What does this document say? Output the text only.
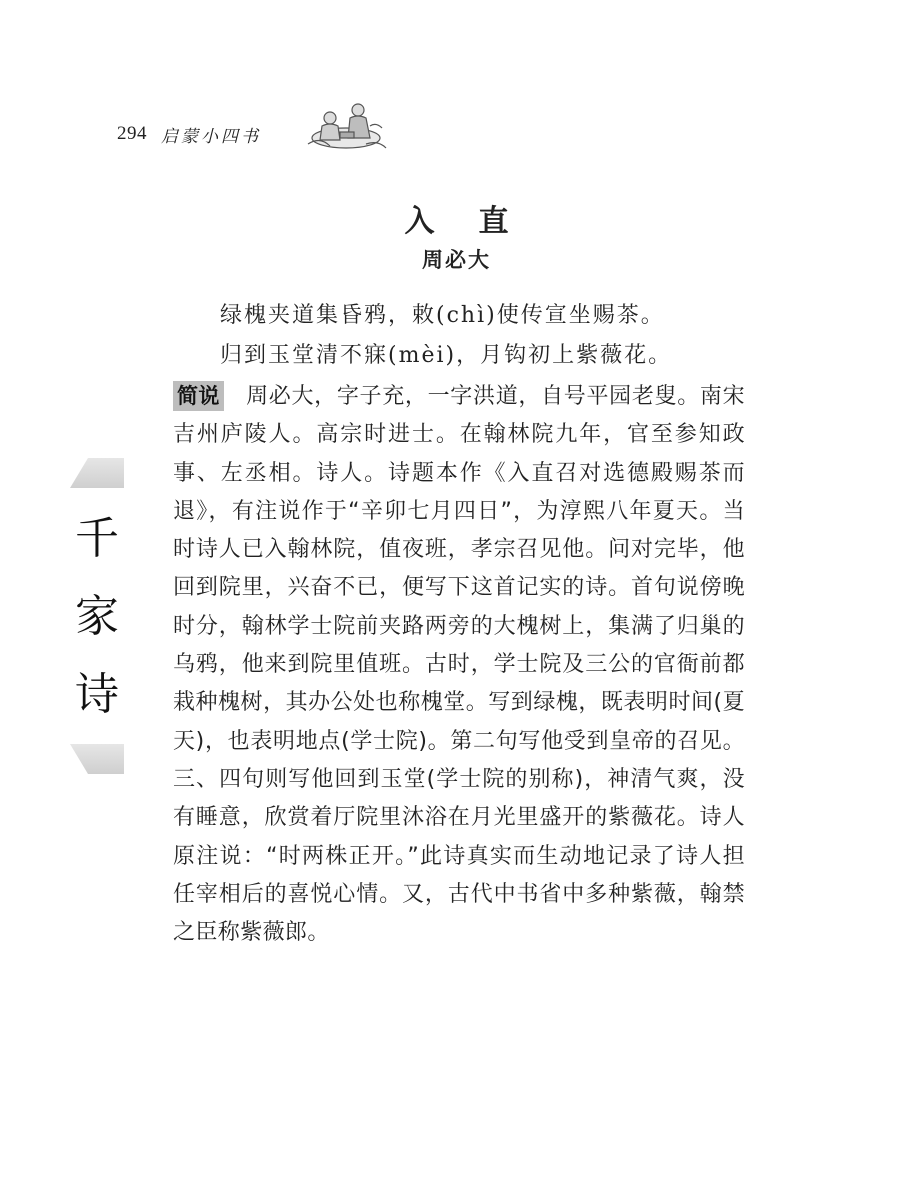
294 启蒙小四书
千
家
诗
入直
周必大
绿槐夹道集昏鸦，敕(chì)使传宣坐赐茶。
归到玉堂清不寐(mèi)，月钩初上紫薇花。
简说 周必大，字子充，一字洪道，自号平园老叟。南宋吉州庐陵人。高宗时进士。在翰林院九年，官至参知政事、左丞相。诗人。诗题本作《入直召对选德殿赐茶而退》，有注说作于“辛卯七月四日”，为淳熙八年夏天。当时诗人已入翰林院，值夜班，孝宗召见他。问对完毕，他回到院里，兴奋不已，便写下这首记实的诗。首句说傍晚时分，翰林学士院前夹路两旁的大槐树上，集满了归巢的乌鸦，他来到院里值班。古时，学士院及三公的官衙前都栽种槐树，其办公处也称槐堂。写到绿槐，既表明时间(夏天)，也表明地点(学士院)。第二句写他受到皇帝的召见。三、四句则写他回到玉堂(学士院的别称)，神清气爽，没有睡意，欣赏着厅院里沐浴在月光里盛开的紫薇花。诗人原注说：“时两株正开。”此诗真实而生动地记录了诗人担任宰相后的喜悦心情。又，古代中书省中多种紫薇，翰禁之臣称紫薇郎。
